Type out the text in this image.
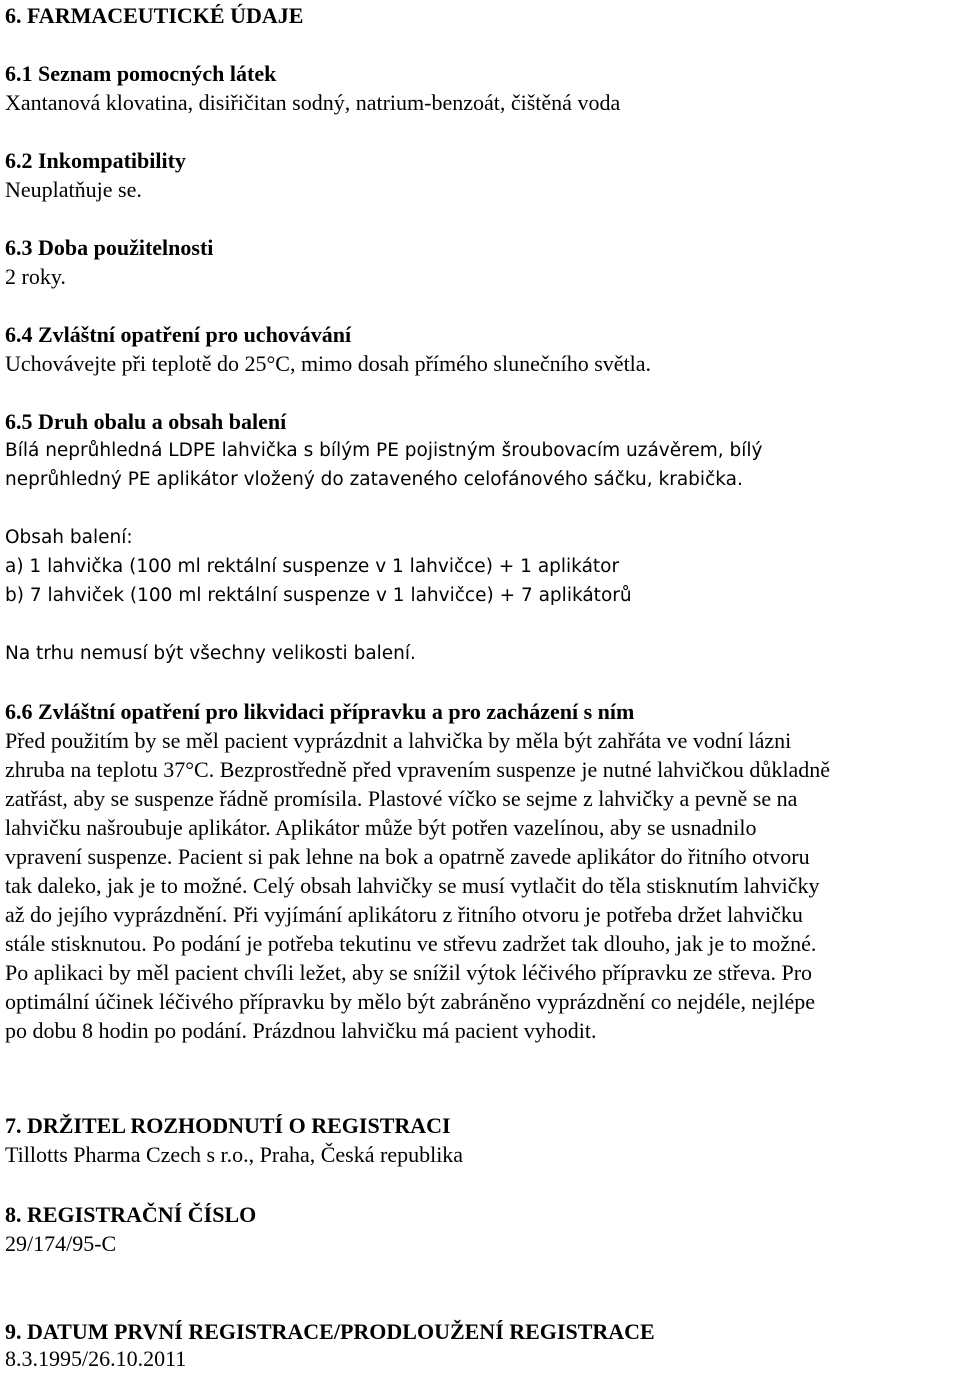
6. FARMACEUTICKÉ ÚDAJE
6.1 Seznam pomocných látek
Xantanová klovatina, disiřičitan sodný, natrium-benzoát, čištěná voda
6.2 Inkompatibility
Neuplatňuje se.
6.3 Doba použitelnosti
2 roky.
6.4 Zvláštní opatření pro uchovávání
Uchovávejte při teplotě do 25°C, mimo dosah přímého slunečního světla.
6.5 Druh obalu a obsah balení
Bílá neprůhledná LDPE lahvička s bílým PE pojistným šroubovacím uzávěrem, bílý
neprůhledný PE aplikátor vložený do zataveného celofánového sáčku, krabička.
Obsah balení:
a) 1 lahvička (100 ml rektální suspenze v 1 lahvičce) + 1 aplikátor
b) 7 lahviček (100 ml rektální suspenze v 1 lahvičce) + 7 aplikátorů
Na trhu nemusí být všechny velikosti balení.
6.6 Zvláštní opatření pro likvidaci přípravku a pro zacházení s ním
Před použitím by se měl pacient vyprázdnit a lahvička by měla být zahřáta ve vodní lázni
zhruba na teplotu 37°C. Bezprostředně před vpravením suspenze je nutné lahvičkou důkladně
zatřást, aby se suspenze řádně promísila. Plastové víčko se sejme z lahvičky a pevně se na
lahvičku našroubuje aplikátor. Aplikátor může být potřen vazelínou, aby se usnadnilo
vpravení suspenze. Pacient si pak lehne na bok a opatrně zavede aplikátor do řitního otvoru
tak daleko, jak je to možné. Celý obsah lahvičky se musí vytlačit do těla stisknutím lahvičky
až do jejího vyprázdnění. Při vyjímání aplikátoru z řitního otvoru je potřeba držet lahvičku
stále stisknutou. Po podání je potřeba tekutinu ve střevu zadržet tak dlouho, jak je to možné.
Po aplikaci by měl pacient chvíli ležet, aby se snížil výtok léčivého přípravku ze střeva. Pro
optimální účinek léčivého přípravku by mělo být zabráněno vyprázdnění co nejdéle, nejlépe
po dobu 8 hodin po podání. Prázdnou lahvičku má pacient vyhodit.
7. DRŽITEL ROZHODNUTÍ O REGISTRACI
Tillotts Pharma Czech s r.o., Praha, Česká republika
8. REGISTRAČNÍ ČÍSLO
29/174/95-C
9. DATUM PRVNÍ REGISTRACE/PRODLOUŽENÍ REGISTRACE
8.3.1995/26.10.2011
